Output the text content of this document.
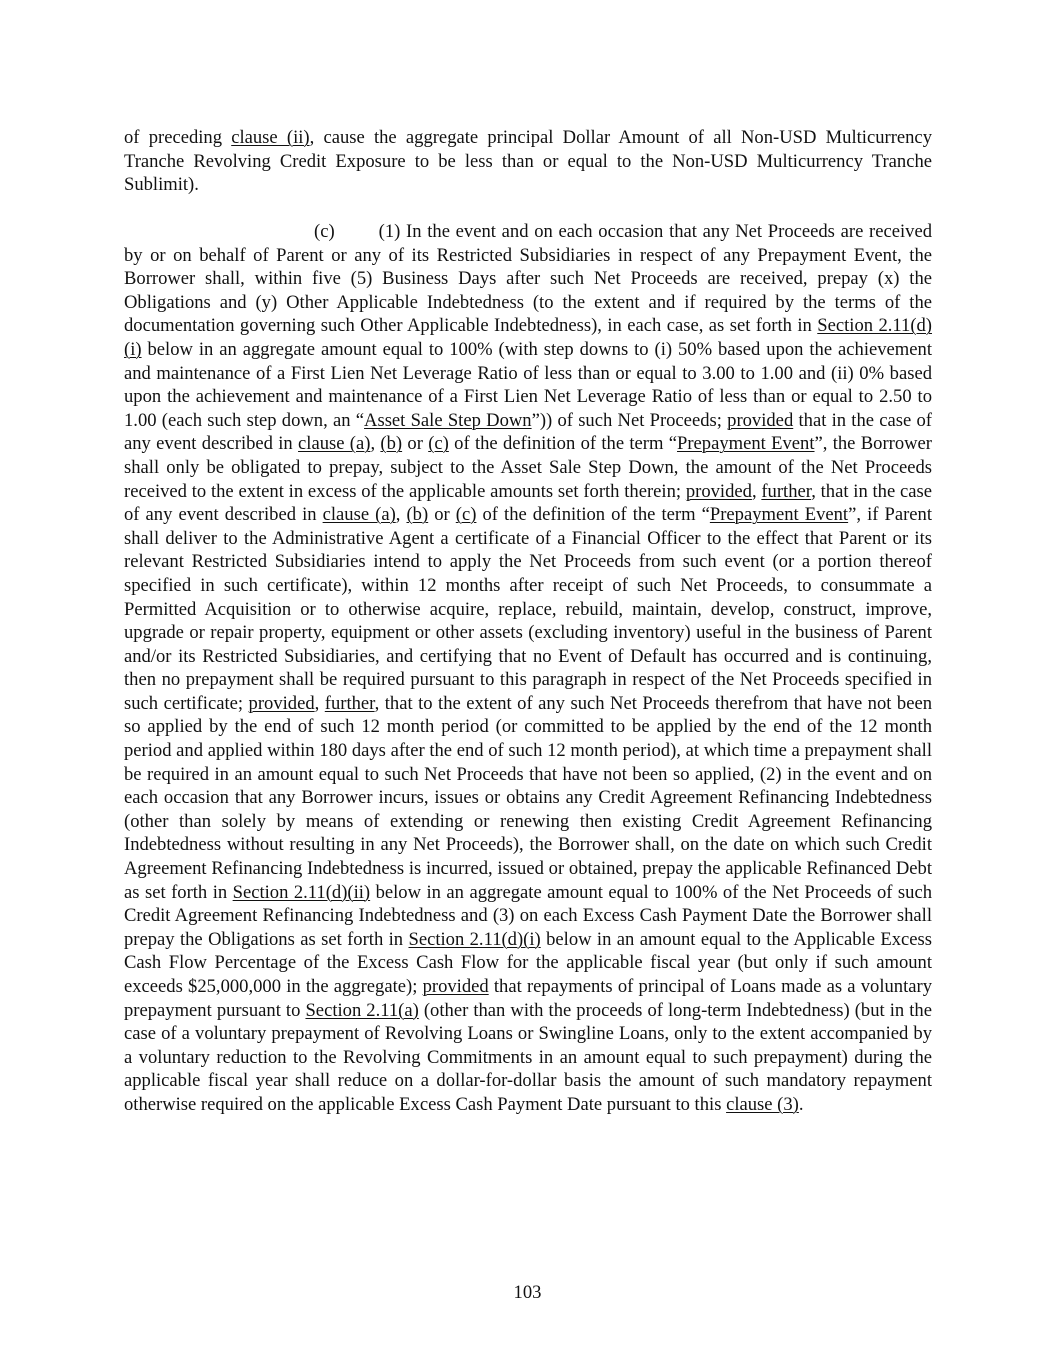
of preceding clause (ii), cause the aggregate principal Dollar Amount of all Non-USD Multicurrency Tranche Revolving Credit Exposure to be less than or equal to the Non-USD Multicurrency Tranche Sublimit).

(c) (1) In the event and on each occasion that any Net Proceeds are received by or on behalf of Parent or any of its Restricted Subsidiaries in respect of any Prepayment Event, the Borrower shall, within five (5) Business Days after such Net Proceeds are received, prepay (x) the Obligations and (y) Other Applicable Indebtedness (to the extent and if required by the terms of the documentation governing such Other Applicable Indebtedness), in each case, as set forth in Section 2.11(d)(i) below in an aggregate amount equal to 100% (with step downs to (i) 50% based upon the achievement and maintenance of a First Lien Net Leverage Ratio of less than or equal to 3.00 to 1.00 and (ii) 0% based upon the achievement and maintenance of a First Lien Net Leverage Ratio of less than or equal to 2.50 to 1.00 (each such step down, an “Asset Sale Step Down”)) of such Net Proceeds; provided that in the case of any event described in clause (a), (b) or (c) of the definition of the term “Prepayment Event”, the Borrower shall only be obligated to prepay, subject to the Asset Sale Step Down, the amount of the Net Proceeds received to the extent in excess of the applicable amounts set forth therein; provided, further, that in the case of any event described in clause (a), (b) or (c) of the definition of the term “Prepayment Event”, if Parent shall deliver to the Administrative Agent a certificate of a Financial Officer to the effect that Parent or its relevant Restricted Subsidiaries intend to apply the Net Proceeds from such event (or a portion thereof specified in such certificate), within 12 months after receipt of such Net Proceeds, to consummate a Permitted Acquisition or to otherwise acquire, replace, rebuild, maintain, develop, construct, improve, upgrade or repair property, equipment or other assets (excluding inventory) useful in the business of Parent and/or its Restricted Subsidiaries, and certifying that no Event of Default has occurred and is continuing, then no prepayment shall be required pursuant to this paragraph in respect of the Net Proceeds specified in such certificate; provided, further, that to the extent of any such Net Proceeds therefrom that have not been so applied by the end of such 12 month period (or committed to be applied by the end of the 12 month period and applied within 180 days after the end of such 12 month period), at which time a prepayment shall be required in an amount equal to such Net Proceeds that have not been so applied, (2) in the event and on each occasion that any Borrower incurs, issues or obtains any Credit Agreement Refinancing Indebtedness (other than solely by means of extending or renewing then existing Credit Agreement Refinancing Indebtedness without resulting in any Net Proceeds), the Borrower shall, on the date on which such Credit Agreement Refinancing Indebtedness is incurred, issued or obtained, prepay the applicable Refinanced Debt as set forth in Section 2.11(d)(ii) below in an aggregate amount equal to 100% of the Net Proceeds of such Credit Agreement Refinancing Indebtedness and (3) on each Excess Cash Payment Date the Borrower shall prepay the Obligations as set forth in Section 2.11(d)(i) below in an amount equal to the Applicable Excess Cash Flow Percentage of the Excess Cash Flow for the applicable fiscal year (but only if such amount exceeds $25,000,000 in the aggregate); provided that repayments of principal of Loans made as a voluntary prepayment pursuant to Section 2.11(a) (other than with the proceeds of long-term Indebtedness) (but in the case of a voluntary prepayment of Revolving Loans or Swingline Loans, only to the extent accompanied by a voluntary reduction to the Revolving Commitments in an amount equal to such prepayment) during the applicable fiscal year shall reduce on a dollar-for-dollar basis the amount of such mandatory repayment otherwise required on the applicable Excess Cash Payment Date pursuant to this clause (3).

103
